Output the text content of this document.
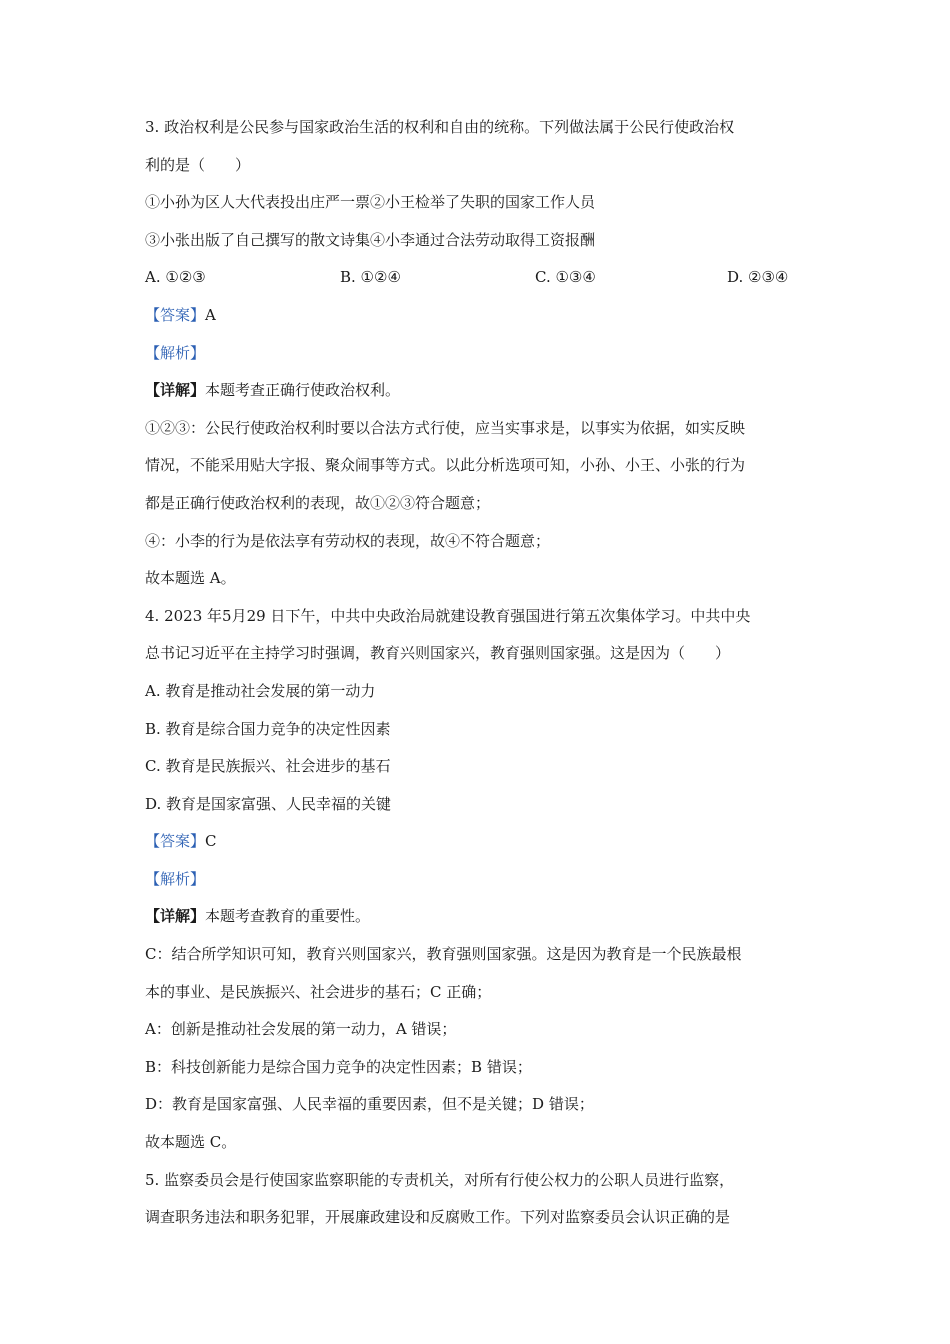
3. 政治权利是公民参与国家政治生活的权利和自由的统称。下列做法属于公民行使政治权
利的是（　　）
①小孙为区人大代表投出庄严一票②小王检举了失职的国家工作人员
③小张出版了自己撰写的散文诗集④小李通过合法劳动取得工资报酬
A. ①②③	B. ①②④	C. ①③④	D. ②③④
【答案】A
【解析】
【详解】本题考查正确行使政治权利。
①②③：公民行使政治权利时要以合法方式行使，应当实事求是，以事实为依据，如实反映
情况，不能采用贴大字报、聚众闹事等方式。以此分析选项可知，小孙、小王、小张的行为
都是正确行使政治权利的表现，故①②③符合题意；
④：小李的行为是依法享有劳动权的表现，故④不符合题意；
故本题选 A。
4. 2023 年5月29 日下午，中共中央政治局就建设教育强国进行第五次集体学习。中共中央
总书记习近平在主持学习时强调，教育兴则国家兴，教育强则国家强。这是因为（　　）
A. 教育是推动社会发展的第一动力
B. 教育是综合国力竞争的决定性因素
C. 教育是民族振兴、社会进步的基石
D. 教育是国家富强、人民幸福的关键
【答案】C
【解析】
【详解】本题考查教育的重要性。
C：结合所学知识可知，教育兴则国家兴，教育强则国家强。这是因为教育是一个民族最根
本的事业、是民族振兴、社会进步的基石；C 正确；
A：创新是推动社会发展的第一动力，A 错误；
B：科技创新能力是综合国力竞争的决定性因素；B 错误；
D：教育是国家富强、人民幸福的重要因素，但不是关键；D 错误；
故本题选 C。
5. 监察委员会是行使国家监察职能的专责机关，对所有行使公权力的公职人员进行监察，
调查职务违法和职务犯罪，开展廉政建设和反腐败工作。下列对监察委员会认识正确的是
